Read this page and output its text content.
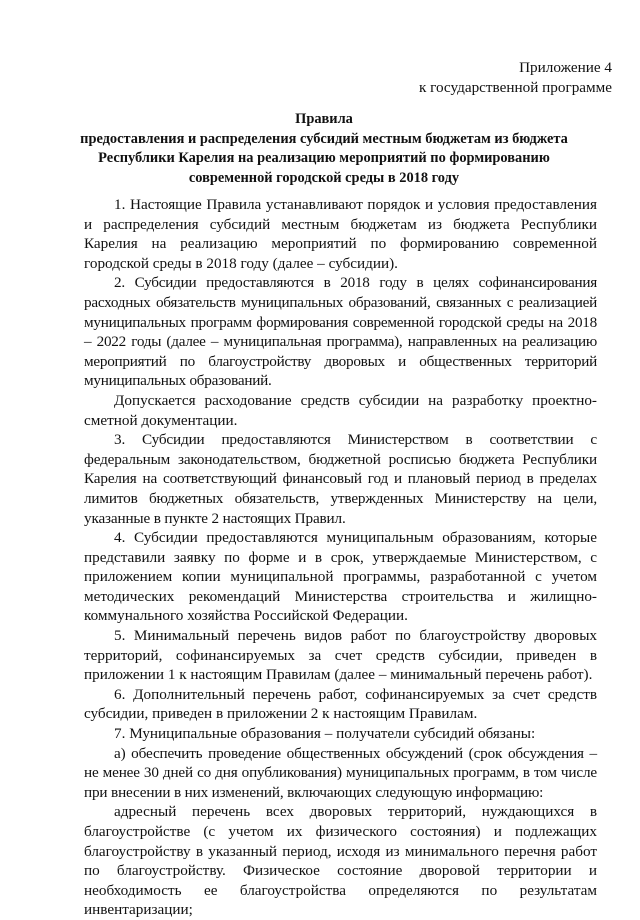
Приложение 4
к государственной программе
Правила
предоставления и распределения субсидий местным бюджетам из бюджета
Республики Карелия на реализацию мероприятий по формированию
современной городской среды в 2018 году

1. Настоящие Правила устанавливают порядок и условия предоставления и распределения субсидий местным бюджетам из бюджета Республики Карелия на реализацию мероприятий по формированию современной городской среды в 2018 году (далее – субсидии).

2. Субсидии предоставляются в 2018 году в целях софинансирования расходных обязательств муниципальных образований, связанных с реализацией муниципальных программ формирования современной городской среды на 2018 – 2022 годы (далее – муниципальная программа), направленных на реализацию мероприятий по благоустройству дворовых и общественных территорий муниципальных образований.

Допускается расходование средств субсидии на разработку проектно-сметной документации.

3. Субсидии предоставляются Министерством в соответствии с федеральным законодательством, бюджетной росписью бюджета Республики Карелия на соответствующий финансовый год и плановый период в пределах лимитов бюджетных обязательств, утвержденных Министерству на цели, указанные в пункте 2 настоящих Правил.

4. Субсидии предоставляются муниципальным образованиям, которые представили заявку по форме и в срок, утверждаемые Министерством, с приложением копии муниципальной программы, разработанной с учетом методических рекомендаций Министерства строительства и жилищно-коммунального хозяйства Российской Федерации.

5. Минимальный перечень видов работ по благоустройству дворовых территорий, софинансируемых за счет средств субсидии, приведен в приложении 1 к настоящим Правилам (далее – минимальный перечень работ).

6. Дополнительный перечень работ, софинансируемых за счет средств субсидии, приведен в приложении 2 к настоящим Правилам.

7. Муниципальные образования – получатели субсидий обязаны:

а) обеспечить проведение общественных обсуждений (срок обсуждения – не менее 30 дней со дня опубликования) муниципальных программ, в том числе при внесении в них изменений, включающих следующую информацию:

адресный перечень всех дворовых территорий, нуждающихся в благоустройстве (с учетом их физического состояния) и подлежащих благоустройству в указанный период, исходя из минимального перечня работ по благоустройству. Физическое состояние дворовой территории и необходимость ее благоустройства определяются по результатам инвентаризации;
